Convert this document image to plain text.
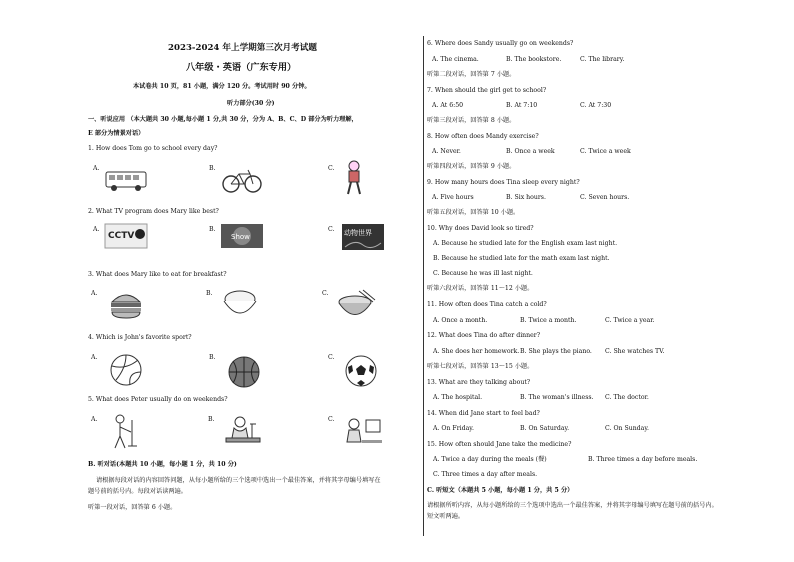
2023-2024 年上学期第三次月考试题
八年级・英语（广东专用）
本试卷共 10 页，81 小题，满分 120 分。考试用时 90 分钟。
听力部分(30 分)
一、听说应用 （本大题共 30 小题,每小题 1 分,共 30 分，分为 A、B、C、D 部分为听力理解，
E 部分为情景对话）
1. How does Tom go to school every day?
A.	B.	C.
2. What TV program does Mary like best?
A.
CCTV
B.
Show
C. 动物世界
3. What does Mary like to eat for breakfast?
A.	B.	C.
4. Which is John's favorite sport?
A.	B.	C.
5. What does Peter usually do on weekends?
A.	B.	C.
B. 听对话(本题共 10 小题，每小题 1 分，共 10 分)
请根据每段对话的内容回答问题，从每小题所给的三个选项中选出一个最佳答案，并将其字母编号填写在
题号前的括号内。每段对话读两遍。
听第一段对话，回答第 6 小题。
6. Where does Sandy usually go on weekends?
A. The cinema.	B. The bookstore.	C. The library.
听第二段对话，回答第 7 小题。
7. When should the girl get to school?
A. At 6:50	B. At 7:10	C. At 7:30
听第三段对话，回答第 8 小题。
8. How often does Mandy exercise?
A. Never.	B. Once a week	C. Twice a week
听第四段对话，回答第 9 小题。
9. How many hours does Tina sleep every night?
A. Five hours	B. Six hours.	C. Seven hours.
听第五段对话，回答第 10 小题。
10. Why does David look so tired?
A. Because he studied late for the English exam last night.
B. Because he studied late for the math exam last night.
C. Because he was ill last night.
听第六段对话，回答第 11～12 小题。
11. How often does Tina catch a cold?
A. Once a month.	B. Twice a month.	C. Twice a year.
12. What does Tina do after dinner?
A. She does her homework. B. She plays the piano. C. She watches TV.
听第七段对话，回答第 13～15 小题。
13. What are they talking about?
A. The hospital.	B. The woman's illness. C. The doctor.
14. When did Jane start to feel bad?
A. On Friday.	B. On Saturday.	C. On Sunday.
15. How often should Jane take the medicine?
A. Twice a day during the meals (餐)	B. Three times a day before meals.
C. Three times a day after meals.
C. 听短文（本题共 5 小题，每小题 1 分，共 5 分）
请根据所听内容，从每小题所给的三个选项中选出一个最佳答案，并将其字母编号填写在题号前的括号内。
短文听两遍。
